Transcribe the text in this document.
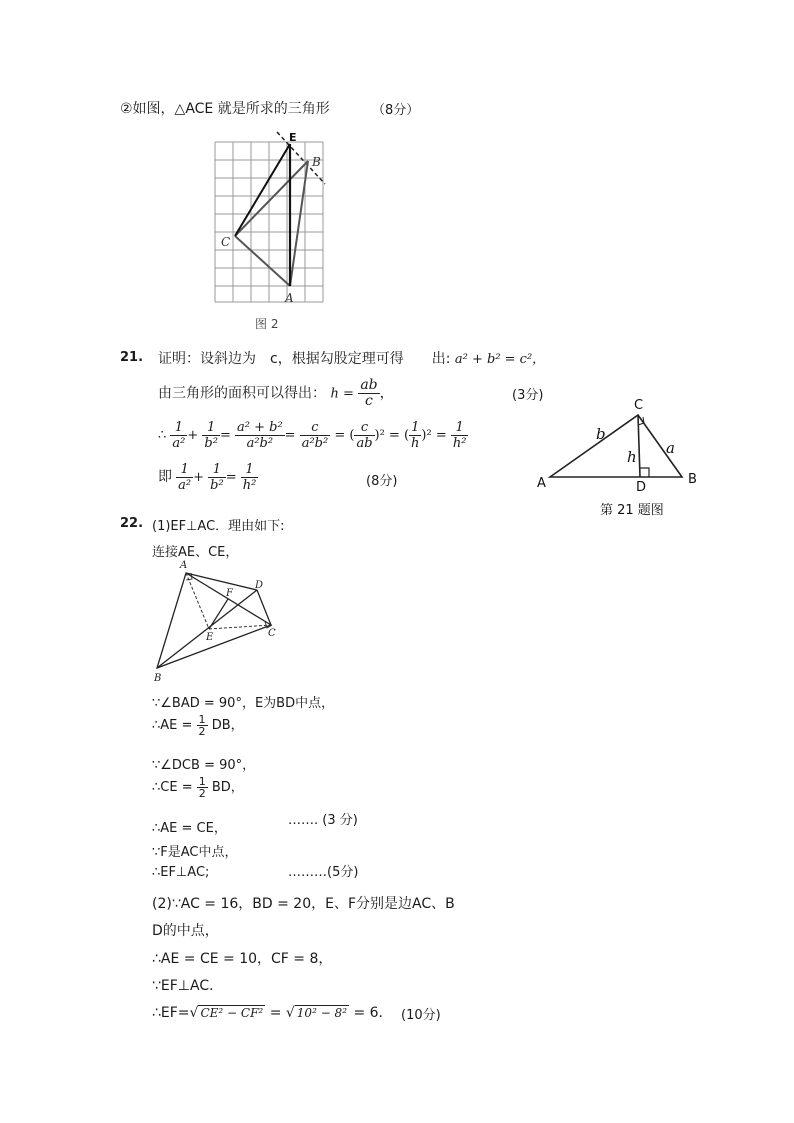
②如图，△ACE 就是所求的三角形	（8分）
E
B
C
A
图 2
21. 证明：设斜边为　c，根据勾股定理可得　　出: a² + b² = c²，
由三角形的面积可以得出： $h = \frac{ab}{c}$ ，	(3分)
∴ $\frac{1}{\text{a²}} + \frac{1}{\text{b²}} = \frac{\text{a² + b²}}{\text{a²b²}} = \frac{c}{\text{a²b²}}$ = ( $\frac{c}{ab} )^2$ = ( $\frac{1}{h} )^2 = \frac{1}{\text{h²}}$
即 $\frac{1}{\text{a²}} + \frac{1}{\text{b²}} = \frac{1}{\text{h²}}$	(8分)
C
A	B
D
b
a
h
第 21 题图
22. (1)EF⊥AC．理由如下:
连接AE、CE，
A
D
F
E	C
B
∵∠BAD = 90°，E为BD中点，
∴AE = $\frac{1}{2}$ DB，
∵∠DCB = 90°，
∴CE = $\frac{1}{2}$ BD，
∴AE = CE，
……. (3 分)
∵F是AC中点，
∴EF⊥AC;	………(5分)
(2)∵AC = 16，BD = 20，E、F分别是边AC、B
D的中点，
∴AE = CE = 10，CF = 8，
∵EF⊥AC．
∴EF=√ CE² − CF² = √ 10² − 8² = 6． (10分)
